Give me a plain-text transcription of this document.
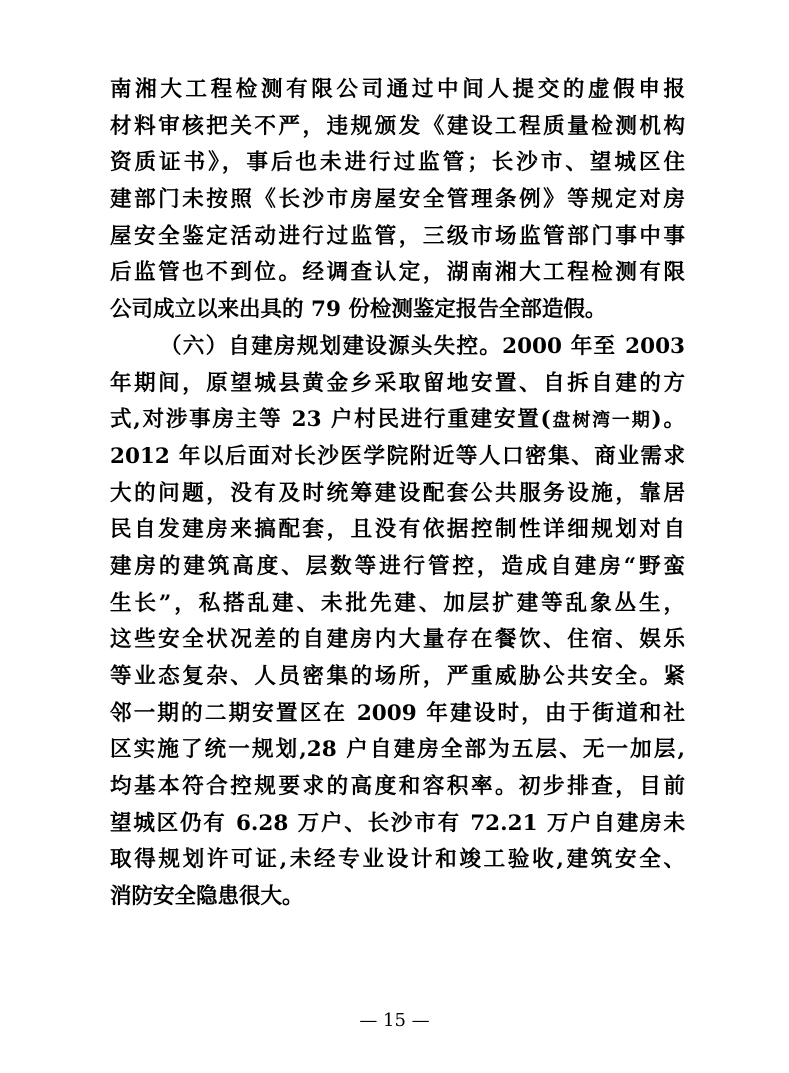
南湘大工程检测有限公司通过中间人提交的虚假申报
材料审核把关不严，违规颁发《建设工程质量检测机构
资质证书》，事后也未进行过监管；长沙市、望城区住
建部门未按照《长沙市房屋安全管理条例》等规定对房
屋安全鉴定活动进行过监管，三级市场监管部门事中事
后监管也不到位。经调查认定，湖南湘大工程检测有限
公司成立以来出具的 79 份检测鉴定报告全部造假。
（六）自建房规划建设源头失控。2000 年至 2003
年期间，原望城县黄金乡采取留地安置、自拆自建的方
式,对涉事房主等 23 户村民进行重建安置(盘树湾一期)。
2012 年以后面对长沙医学院附近等人口密集、商业需求
大的问题，没有及时统筹建设配套公共服务设施，靠居
民自发建房来搞配套，且没有依据控制性详细规划对自
建房的建筑高度、层数等进行管控，造成自建房“野蛮
生长”，私搭乱建、未批先建、加层扩建等乱象丛生，
这些安全状况差的自建房内大量存在餐饮、住宿、娱乐
等业态复杂、人员密集的场所，严重威胁公共安全。紧
邻一期的二期安置区在 2009 年建设时，由于街道和社
区实施了统一规划,28 户自建房全部为五层、无一加层,
均基本符合控规要求的高度和容积率。初步排查，目前
望城区仍有 6.28 万户、长沙市有 72.21 万户自建房未
取得规划许可证,未经专业设计和竣工验收,建筑安全、
消防安全隐患很大。
— 15 —
